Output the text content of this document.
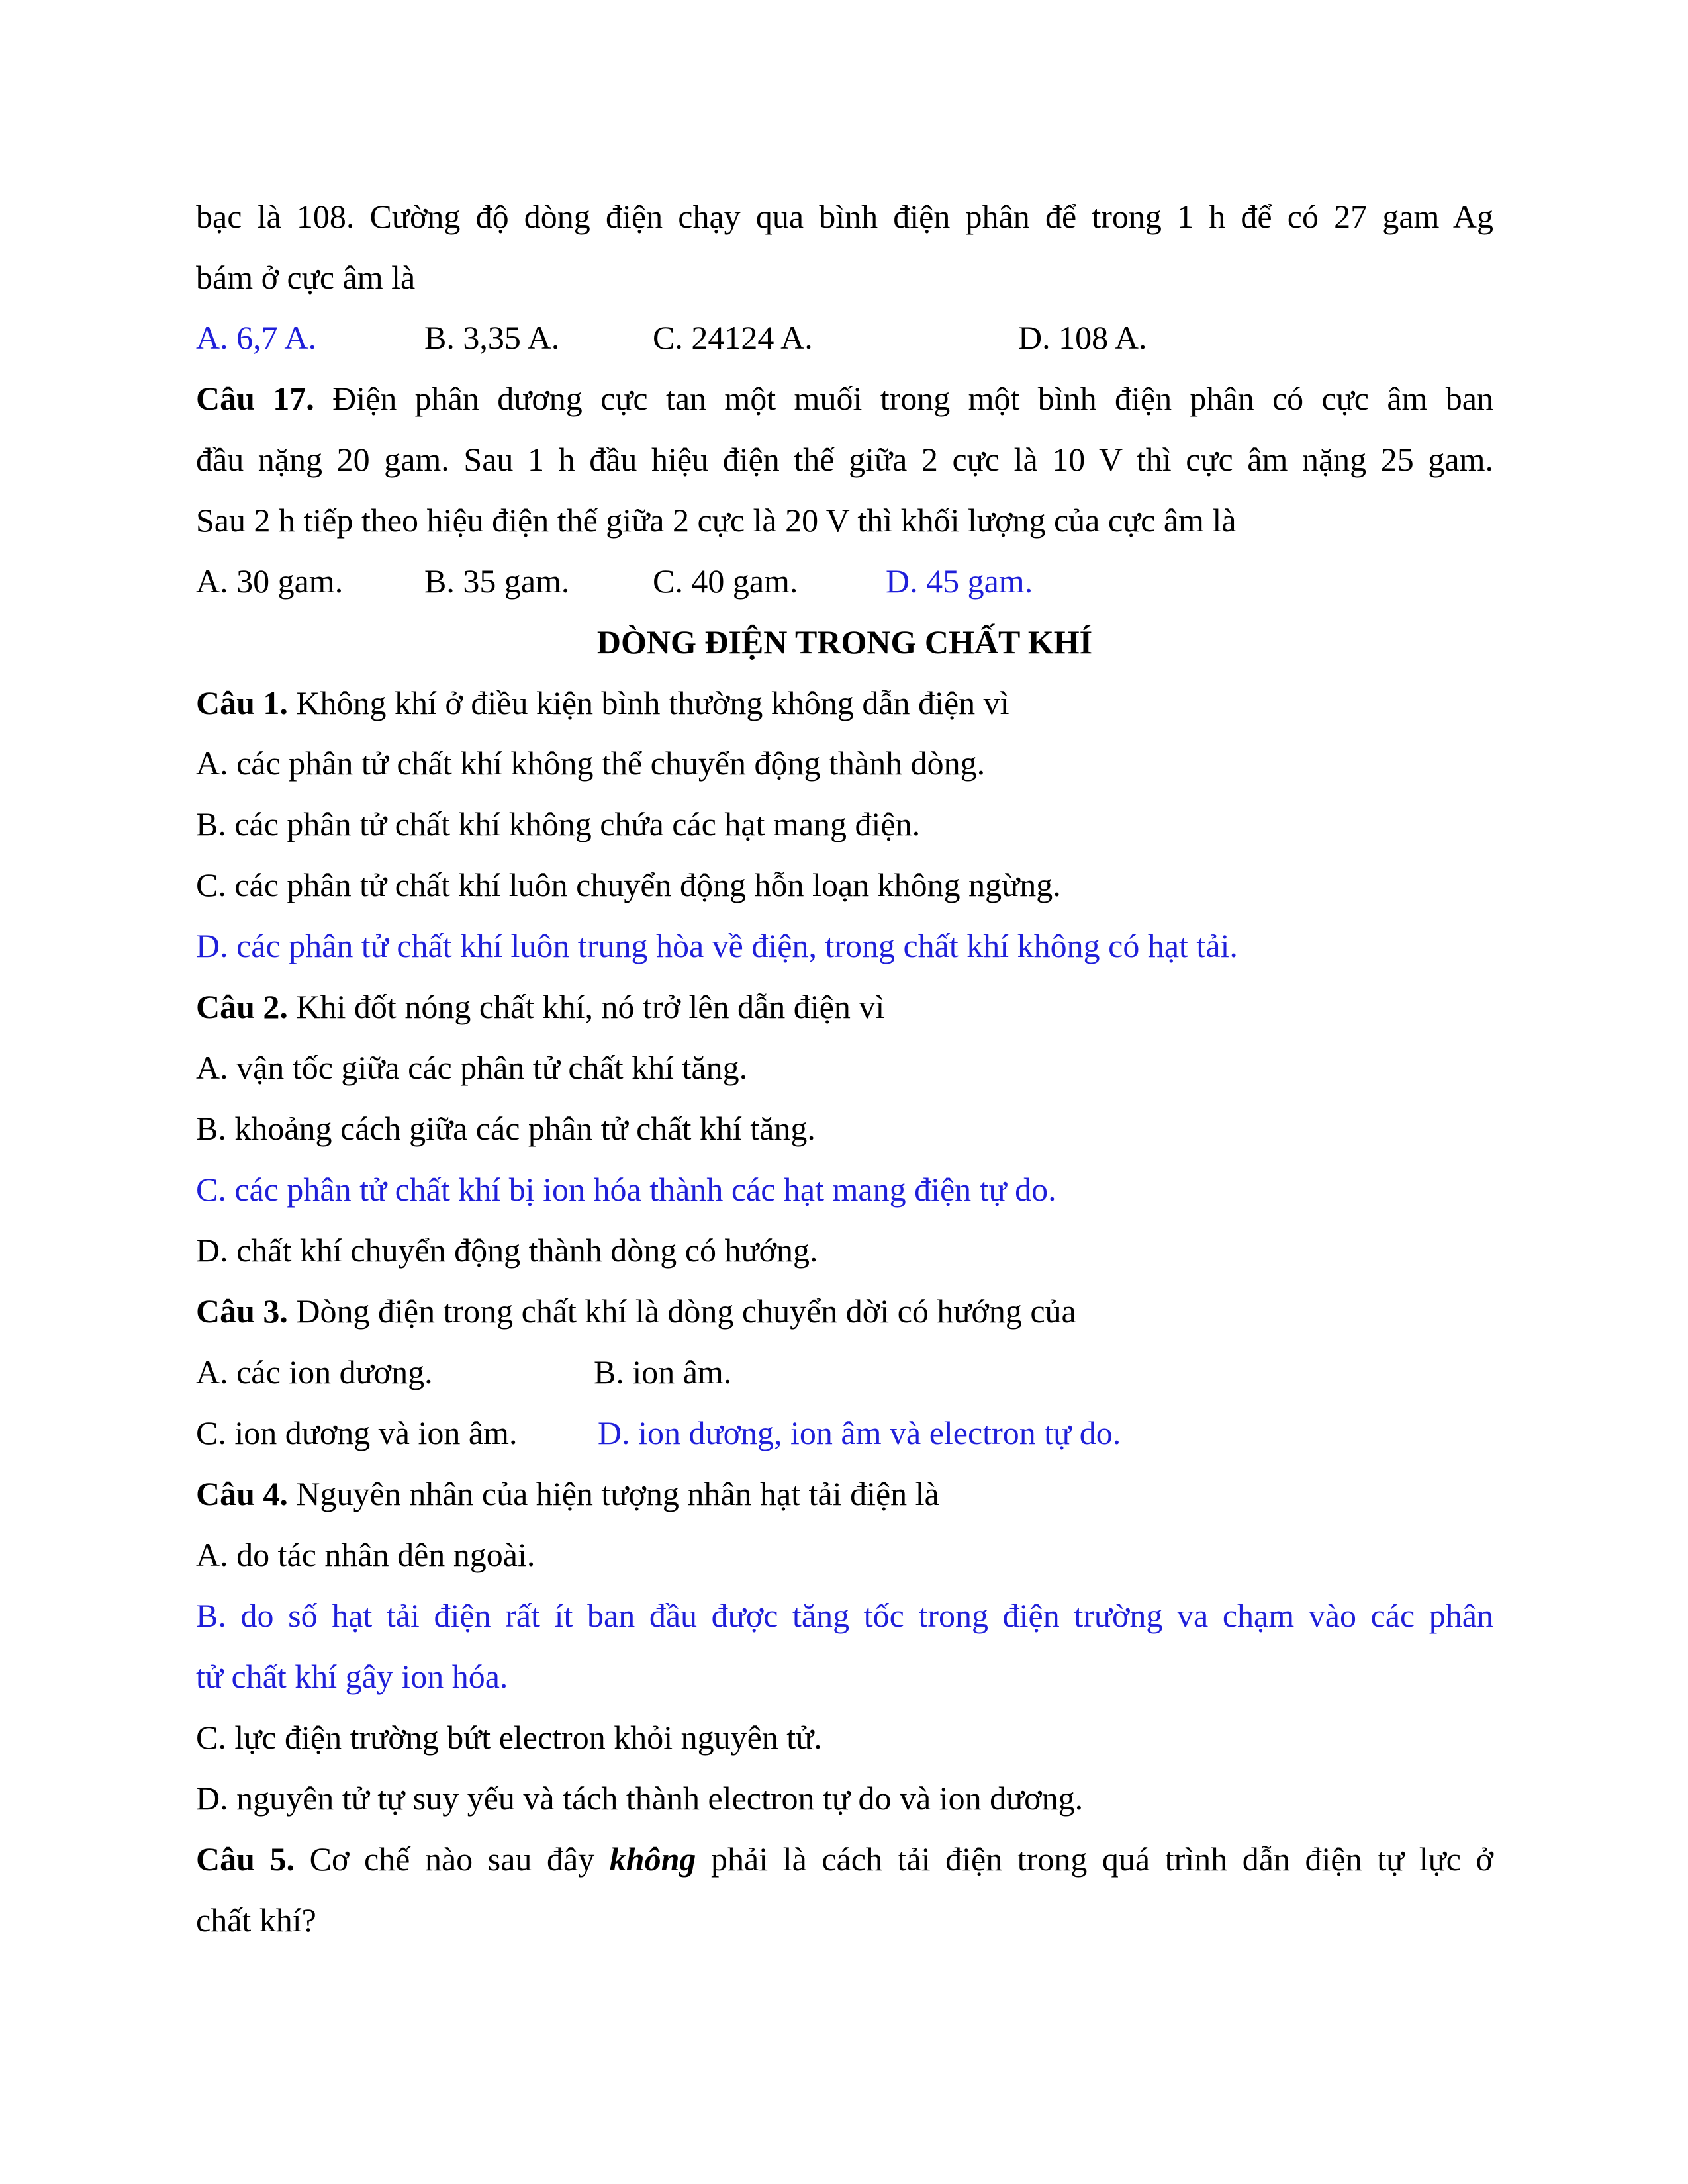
bạc là 108. Cường độ dòng điện chạy qua bình điện phân để trong 1 h để có 27 gam Ag

bám ở cực âm là

A. 6,7 A.	B. 3,35 A.	C. 24124 A.	D. 108 A.

Câu 17. Điện phân dương cực tan một muối trong một bình điện phân có cực âm ban

đầu nặng 20 gam. Sau 1 h đầu hiệu điện thế giữa 2 cực là 10 V thì cực âm nặng 25 gam.

Sau 2 h tiếp theo hiệu điện thế giữa 2 cực là 20 V thì khối lượng của cực âm là

A. 30 gam. B. 35 gam.	C. 40 gam.	D. 45 gam.

DÒNG ĐIỆN TRONG CHẤT KHÍ

Câu 1. Không khí ở điều kiện bình thường không dẫn điện vì

A. các phân tử chất khí không thể chuyển động thành dòng.

B. các phân tử chất khí không chứa các hạt mang điện.

C. các phân tử chất khí luôn chuyển động hỗn loạn không ngừng.

D. các phân tử chất khí luôn trung hòa về điện, trong chất khí không có hạt tải.

Câu 2. Khi đốt nóng chất khí, nó trở lên dẫn điện vì

A. vận tốc giữa các phân tử chất khí tăng.

B. khoảng cách giữa các phân tử chất khí tăng.

C. các phân tử chất khí bị ion hóa thành các hạt mang điện tự do.

D. chất khí chuyển động thành dòng có hướng.

Câu 3. Dòng điện trong chất khí là dòng chuyển dời có hướng của

A. các ion dương.	B. ion âm.
C. ion dương và ion âm. D. ion dương, ion âm và electron tự do.

Câu 4. Nguyên nhân của hiện tượng nhân hạt tải điện là

A. do tác nhân dên ngoài.

B. do số hạt tải điện rất ít ban đầu được tăng tốc trong điện trường va chạm vào các phân

tử chất khí gây ion hóa.

C. lực điện trường bứt electron khỏi nguyên tử.

D. nguyên tử tự suy yếu và tách thành electron tự do và ion dương.

Câu 5. Cơ chế nào sau đây không phải là cách tải điện trong quá trình dẫn điện tự lực ở

chất khí?
